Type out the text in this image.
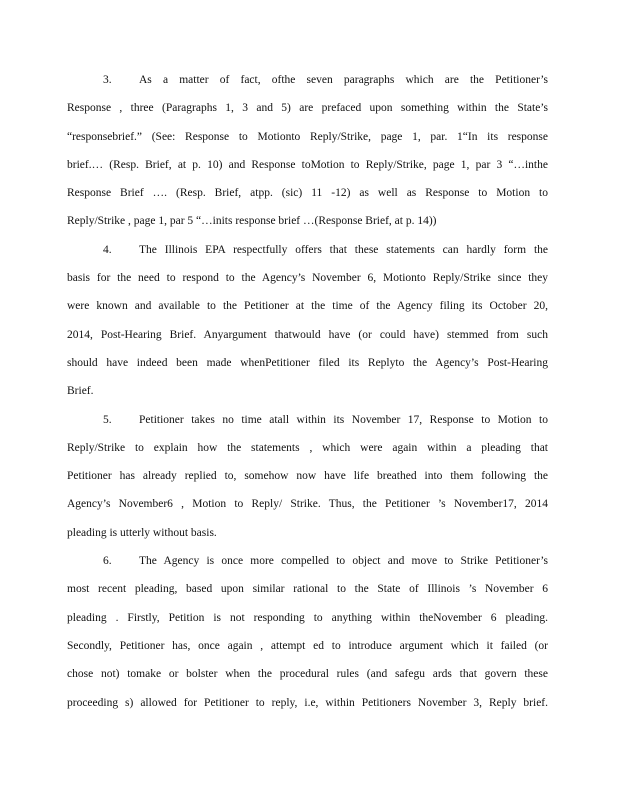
3. As a matter of fact, ofthe seven paragraphs which are the Petitioner’s
Response , three (Paragraphs 1, 3 and 5) are prefaced upon something within the State’s
“responsebrief.” (See: Response to Motionto Reply/Strike, page 1, par. 1“In its response
brief.… (Resp. Brief, at p. 10) and Response toMotion to Reply/Strike, page 1, par 3 “…inthe
Response Brief …. (Resp. Brief, atpp. (sic) 11 -12) as well as Response to Motion to
Reply/Strike , page 1, par 5 “…inits response brief …(Response Brief, at p. 14))
4. The Illinois EPA respectfully offers that these statements can hardly form the
basis for the need to respond to the Agency’s November 6, Motionto Reply/Strike since they
were known and available to the Petitioner at the time of the Agency filing its October 20,
2014, Post-Hearing Brief. Anyargument thatwould have (or could have) stemmed from such
should have indeed been made whenPetitioner filed its Replyto the Agency’s Post-Hearing
Brief.
5. Petitioner takes no time atall within its November 17, Response to Motion to
Reply/Strike to explain how the statements , which were again within a pleading that
Petitioner has already replied to, somehow now have life breathed into them following the
Agency’s November6 , Motion to Reply/ Strike. Thus, the Petitioner ’s November17, 2014
pleading is utterly without basis.
6. The Agency is once more compelled to object and move to Strike Petitioner’s
most recent pleading, based upon similar rational to the State of Illinois ’s November 6
pleading . Firstly, Petition is not responding to anything within theNovember 6 pleading.
Secondly, Petitioner has, once again , attempt ed to introduce argument which it failed (or
chose not) tomake or bolster when the procedural rules (and safegu ards that govern these
proceeding s) allowed for Petitioner to reply, i.e, within Petitioners November 3, Reply brief.
